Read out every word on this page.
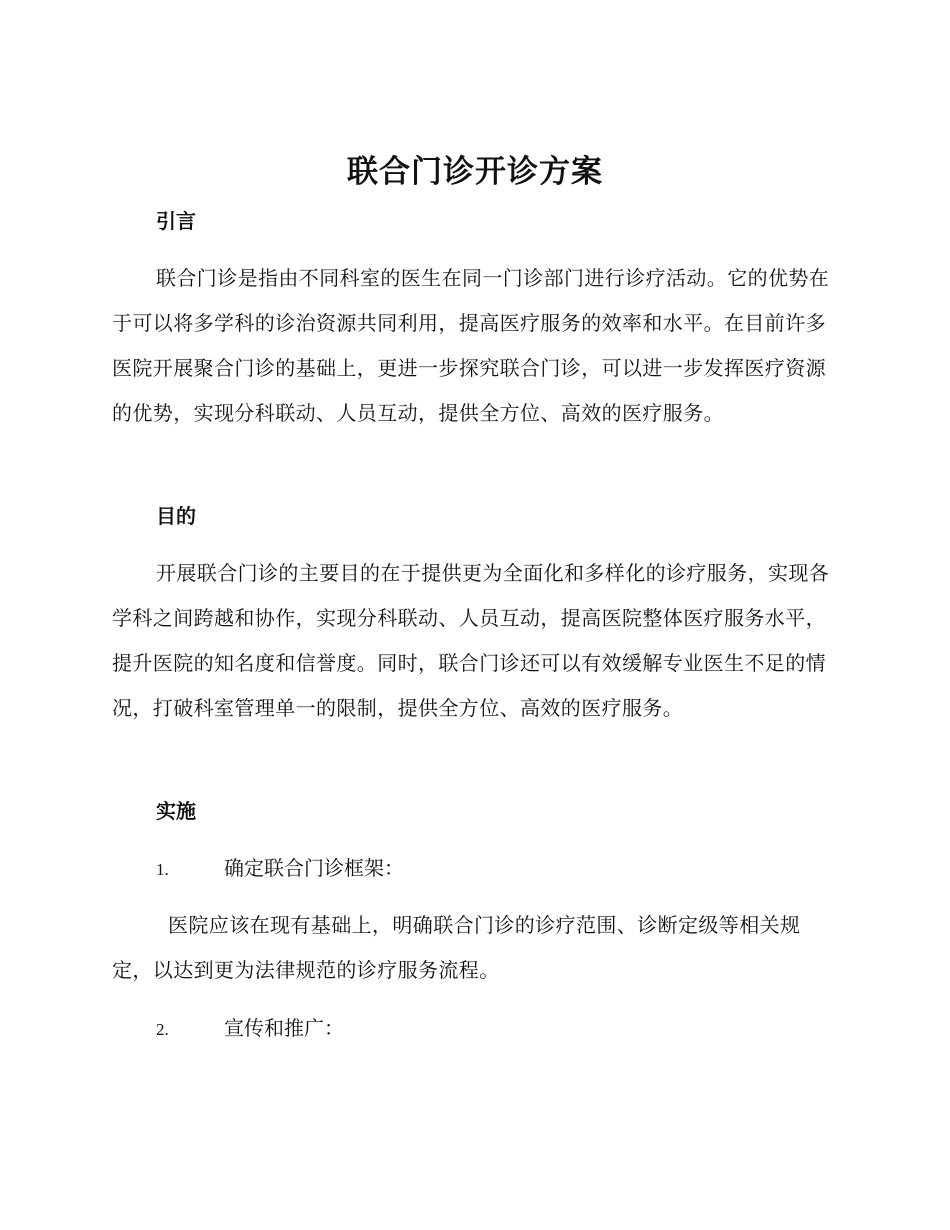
联合门诊开诊方案
引言

联合门诊是指由不同科室的医生在同一门诊部门进行诊疗活动。它的优势在于可以将多学科的诊治资源共同利用，提高医疗服务的效率和水平。在目前许多医院开展聚合门诊的基础上，更进一步探究联合门诊，可以进一步发挥医疗资源的优势，实现分科联动、人员互动，提供全方位、高效的医疗服务。

目的

开展联合门诊的主要目的在于提供更为全面化和多样化的诊疗服务，实现各学科之间跨越和协作，实现分科联动、人员互动，提高医院整体医疗服务水平，提升医院的知名度和信誉度。同时，联合门诊还可以有效缓解专业医生不足的情况，打破科室管理单一的限制，提供全方位、高效的医疗服务。

实施
1.	确定联合门诊框架：

医院应该在现有基础上，明确联合门诊的诊疗范围、诊断定级等相关规定，以达到更为法律规范的诊疗服务流程。

2.	宣传和推广：
